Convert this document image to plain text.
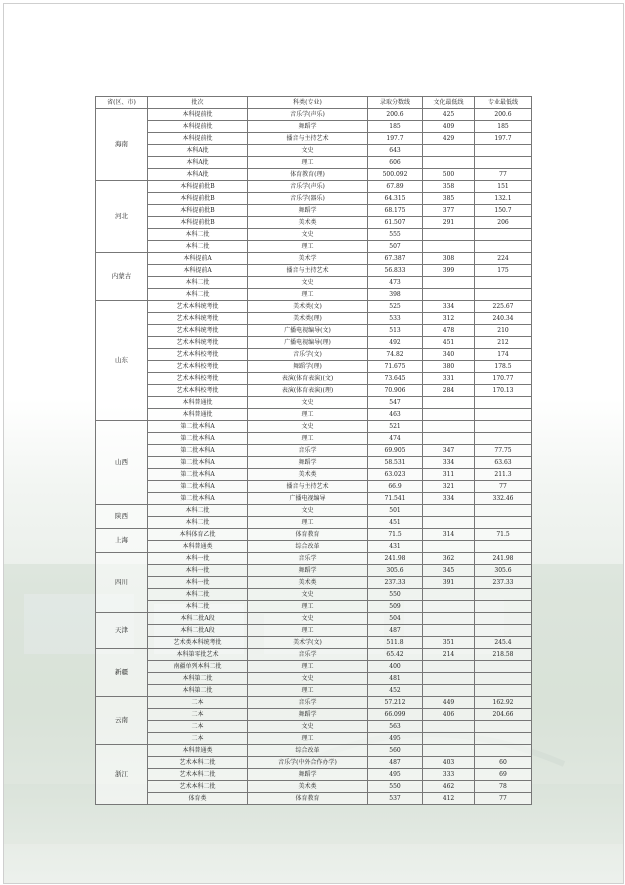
省(区、市)	批次	科类(专业)	录取分数线	文化最低线	专业最低线
海南	本科提前批	音乐学(声乐)	200.6	425	200.6
	本科提前批	舞蹈学	185	409	185
	本科提前批	播音与主持艺术	197.7	429	197.7
	本科A批	文史	643		
	本科A批	理工	606		
	本科A批	体育教育(理)	500.092	500	77
河北	本科提前批B	音乐学(声乐)	67.89	358	151
	本科提前批B	音乐学(器乐)	64.315	385	132.1
	本科提前批B	舞蹈学	68.175	377	150.7
	本科提前批B	美术类	61.507	291	206
	本科二批	文史	555		
	本科二批	理工	507		
内蒙古	本科提前A	美术学	67.387	308	224
	本科提前A	播音与主持艺术	56.833	399	175
	本科二批	文史	473		
	本科二批	理工	398		
山东	艺术本科统考批	美术类(文)	525	334	225.67
	艺术本科统考批	美术类(理)	533	312	240.34
	艺术本科统考批	广播电视编导(文)	513	478	210
	艺术本科统考批	广播电视编导(理)	492	451	212
	艺术本科校考批	音乐学(文)	74.82	340	174
	艺术本科校考批	舞蹈学(理)	71.675	380	178.5
	艺术本科校考批	表演(体育表演)(文)	73.645	331	170.77
	艺术本科校考批	表演(体育表演)(理)	70.906	284	170.13
	本科普通批	文史	547		
	本科普通批	理工	463		
山西	第二批本科A	文史	521		
	第二批本科A	理工	474		
	第二批本科A	音乐学	69.905	347	77.75
	第二批本科A	舞蹈学	58.531	334	63.63
	第二批本科A	美术类	63.023	311	211.3
	第二批本科A	播音与主持艺术	66.9	321	77
	第二批本科A	广播电视编导	71.541	334	332.46
陕西	本科二批	文史	501		
	本科二批	理工	451		
上海	本科体育乙批	体育教育	71.5	314	71.5
	本科普通类	综合改革	431		
四川	本科一批	音乐学	241.98	362	241.98
	本科一批	舞蹈学	305.6	345	305.6
	本科一批	美术类	237.33	391	237.33
	本科二批	文史	550		
	本科二批	理工	509		
天津	本科二批A段	文史	504		
	本科二批A段	理工	487		
	艺术类本科统考批	美术学(文)	511.8	351	245.4
新疆	本科第零批艺术	音乐学	65.42	214	218.58
	南疆单列本科二批	理工	400		
	本科第二批	文史	481		
	本科第二批	理工	452		
云南	二本	音乐学	57.212	449	162.92
	二本	舞蹈学	66.099	406	204.66
	二本	文史	563		
	二本	理工	495		
浙江	本科普通类	综合改革	560		
	艺术本科二批	音乐学(中外合作办学)	487	403	60
	艺术本科二批	舞蹈学	495	333	69
	艺术本科二批	美术类	550	462	78
	体育类	体育教育	537	412	77
